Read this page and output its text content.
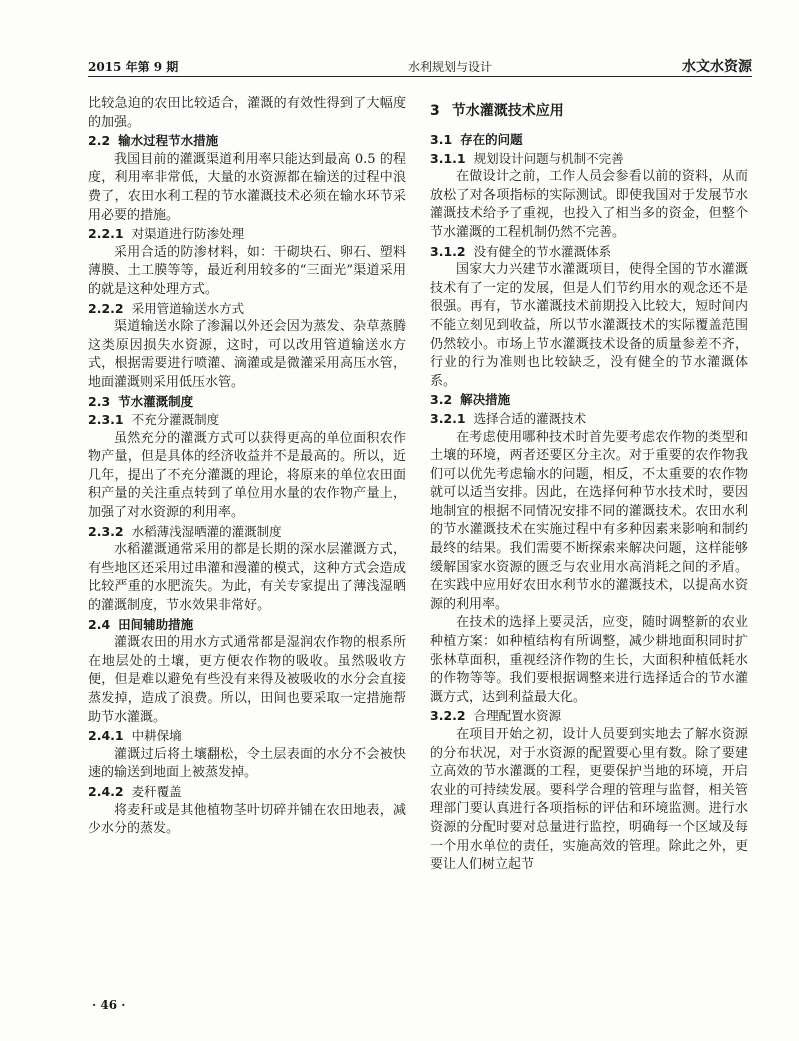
2015 年第 9 期	水利规划与设计	水文水资源

比较急迫的农田比较适合，灌溉的有效性得到了大幅度的加强。

2.2 输水过程节水措施

我国目前的灌溉渠道利用率只能达到最高 0.5 的程度，利用率非常低，大量的水资源都在输送的过程中浪费了，农田水利工程的节水灌溉技术必须在输水环节采用必要的措施。

2.2.1 对渠道进行防渗处理

采用合适的防渗材料，如：干砌块石、卵石、塑料薄膜、土工膜等等，最近利用较多的“三面光”渠道采用的就是这种处理方式。

2.2.2 采用管道输送水方式

渠道输送水除了渗漏以外还会因为蒸发、杂草蒸腾这类原因损失水资源，这时，可以改用管道输送水方式，根据需要进行喷灌、滴灌或是微灌采用高压水管，地面灌溉则采用低压水管。

2.3 节水灌溉制度
2.3.1 不充分灌溉制度

虽然充分的灌溉方式可以获得更高的单位面积农作物产量，但是具体的经济收益并不是最高的。所以，近几年，提出了不充分灌溉的理论，将原来的单位农田面积产量的关注重点转到了单位用水量的农作物产量上，加强了对水资源的利用率。

2.3.2 水稻薄浅湿晒灌的灌溉制度

水稻灌溉通常采用的都是长期的深水层灌溉方式，有些地区还采用过串灌和漫灌的模式，这种方式会造成比较严重的水肥流失。为此，有关专家提出了薄浅湿晒的灌溉制度，节水效果非常好。

2.4 田间辅助措施

灌溉农田的用水方式通常都是湿润农作物的根系所在地层处的土壤，更方便农作物的吸收。虽然吸收方便，但是难以避免有些没有来得及被吸收的水分会直接蒸发掉，造成了浪费。所以，田间也要采取一定措施帮助节水灌溉。

2.4.1 中耕保墒

灌溉过后将土壤翻松，令土层表面的水分不会被快速的输送到地面上被蒸发掉。

2.4.2 麦秆覆盖

将麦秆或是其他植物茎叶切碎并铺在农田地表，减少水分的蒸发。

3 节水灌溉技术应用
3.1 存在的问题
3.1.1 规划设计问题与机制不完善

在做设计之前，工作人员会参看以前的资料，从而放松了对各项指标的实际测试。即使我国对于发展节水灌溉技术给予了重视，也投入了相当多的资金，但整个节水灌溉的工程机制仍然不完善。

3.1.2 没有健全的节水灌溉体系

国家大力兴建节水灌溉项目，使得全国的节水灌溉技术有了一定的发展，但是人们节约用水的观念还不是很强。再有，节水灌溉技术前期投入比较大，短时间内不能立刻见到收益，所以节水灌溉技术的实际覆盖范围仍然较小。市场上节水灌溉技术设备的质量参差不齐，行业的行为准则也比较缺乏，没有健全的节水灌溉体系。

3.2 解决措施
3.2.1 选择合适的灌溉技术

在考虑使用哪种技术时首先要考虑农作物的类型和土壤的环境，两者还要区分主次。对于重要的农作物我们可以优先考虑输水的问题，相反，不太重要的农作物就可以适当安排。因此，在选择何种节水技术时，要因地制宜的根据不同情况安排不同的灌溉技术。农田水利的节水灌溉技术在实施过程中有多种因素来影响和制约最终的结果。我们需要不断探索来解决问题，这样能够缓解国家水资源的匮乏与农业用水高消耗之间的矛盾。在实践中应用好农田水利节水的灌溉技术，以提高水资源的利用率。

在技术的选择上要灵活，应变，随时调整新的农业种植方案：如种植结构有所调整，减少耕地面积同时扩张林草面积，重视经济作物的生长，大面积种植低耗水的作物等等。我们要根据调整来进行选择适合的节水灌溉方式，达到利益最大化。

3.2.2 合理配置水资源

在项目开始之初，设计人员要到实地去了解水资源的分布状况，对于水资源的配置要心里有数。除了要建立高效的节水灌溉的工程，更要保护当地的环境，开启农业的可持续发展。要科学合理的管理与监督，相关管理部门要认真进行各项指标的评估和环境监测。进行水资源的分配时要对总量进行监控，明确每一个区域及每一个用水单位的责任，实施高效的管理。除此之外，更要让人们树立起节

· 46 ·
